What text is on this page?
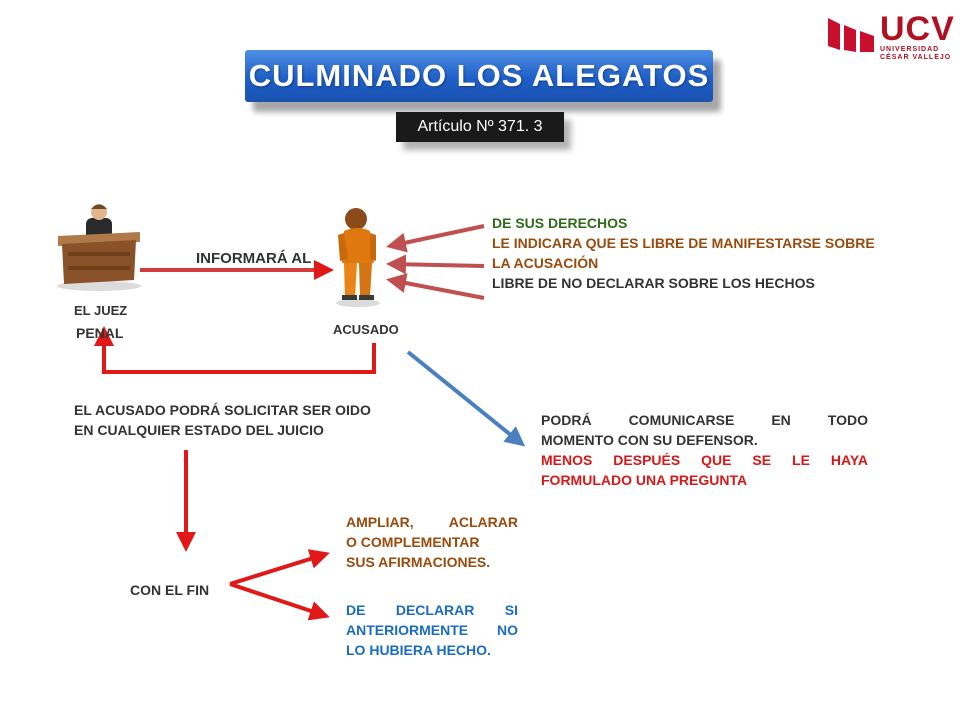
UCV
UNIVERSIDAD
CÉSAR VALLEJO
CULMINADO LOS ALEGATOS
Artículo Nº 371. 3
INFORMARÁ AL
EL JUEZ
PENAL	ACUSADO
DE SUS DERECHOS
LE INDICARA QUE ES LIBRE DE MANIFESTARSE SOBRE
LA ACUSACIÓN
LIBRE DE NO DECLARAR SOBRE LOS HECHOS
EL ACUSADO PODRÁ SOLICITAR SER OIDO
EN CUALQUIER ESTADO DEL JUICIO
PODRÁ COMUNICARSE EN TODO
MOMENTO CON SU DEFENSOR.
MENOS DESPUÉS QUE SE LE HAYA
FORMULADO UNA PREGUNTA
CON EL FIN
AMPLIAR, ACLARAR
O COMPLEMENTAR
SUS AFIRMACIONES.
DE DECLARAR SI
ANTERIORMENTE NO
LO HUBIERA HECHO.
